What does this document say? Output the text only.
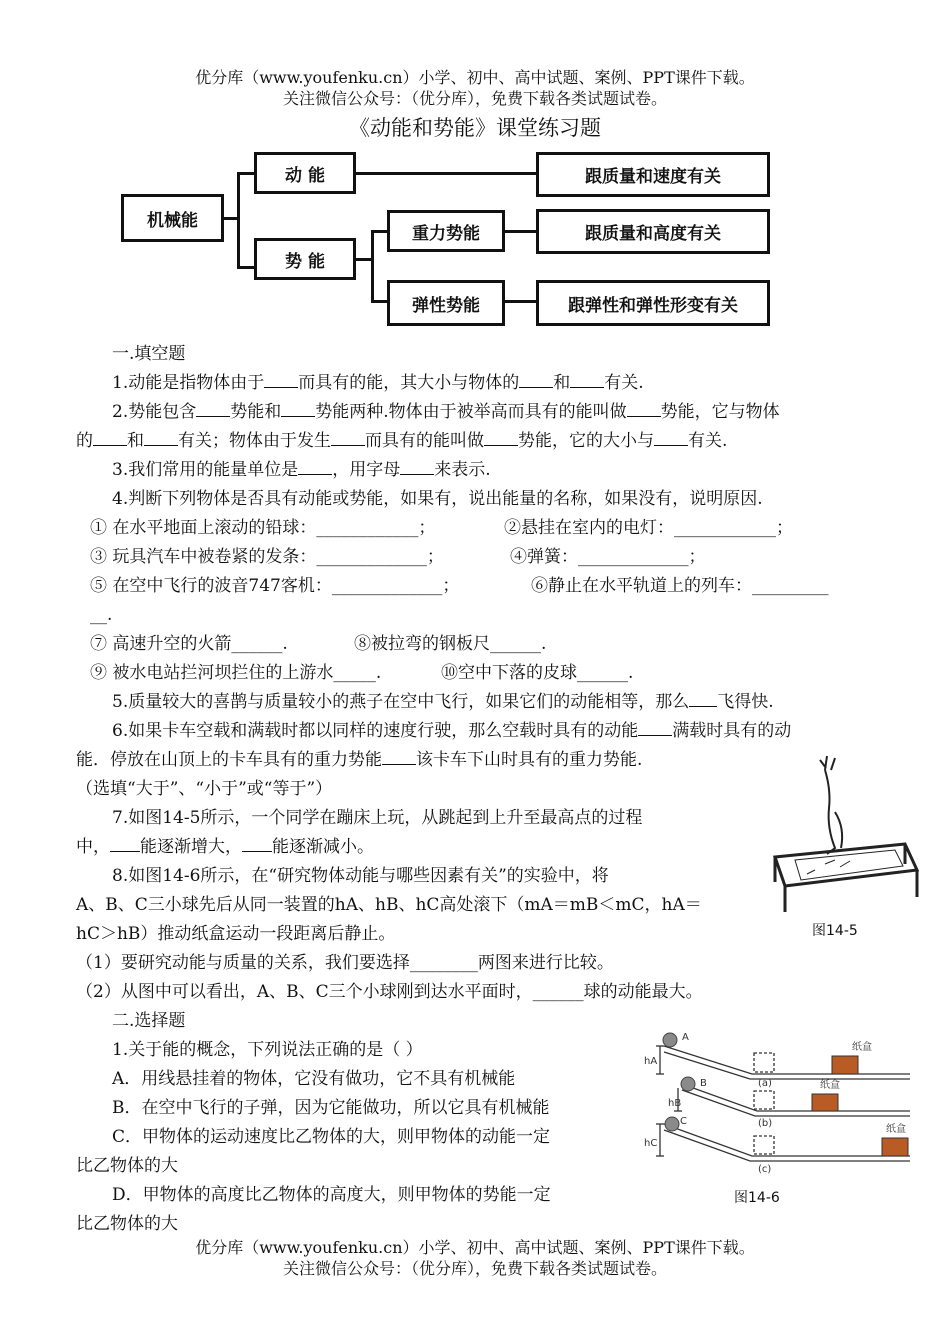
优分库（www.youfenku.cn）小学、初中、高中试题、案例、PPT课件下载。
关注微信公众号：（优分库），免费下载各类试题试卷。
《动能和势能》课堂练习题
机械能
动 能
势 能
重力势能
弹性势能
跟质量和速度有关
跟质量和高度有关
跟弹性和弹性形变有关
一.填空题
1.动能是指物体由于 而具有的能，其大小与物体的 和 有关.
2.势能包含 势能和 势能两种.物体由于被举高而具有的能叫做 势能，它与物体
的 和 有关；物体由于发生 而具有的能叫做 势能，它的大小与 有关.
3.我们常用的能量单位是 ，用字母 来表示.
4.判断下列物体是否具有动能或势能，如果有，说出能量的名称，如果没有，说明原因.
① 在水平地面上滚动的铅球：____________；	②悬挂在室内的电灯：____________；
③ 玩具汽车中被卷紧的发条：_____________；	④弹簧：_____________；
⑤ 在空中飞行的波音747客机：_____________；	⑥静止在水平轨道上的列车：_________
__.
⑦ 高速升空的火箭______.	⑧被拉弯的钢板尺______.
⑨ 被水电站拦河坝拦住的上游水_____.	⑩空中下落的皮球______.
5.质量较大的喜鹊与质量较小的燕子在空中飞行，如果它们的动能相等，那么 飞得快.
6.如果卡车空载和满载时都以同样的速度行驶，那么空载时具有的动能 满载时具有的动
能．停放在山顶上的卡车具有的重力势能 该卡车下山时具有的重力势能.
（选填“大于”、“小于”或“等于”）
7.如图14-5所示，一个同学在蹦床上玩，从跳起到上升至最高点的过程
中， 能逐渐增大， 能逐渐减小。
8.如图14-6所示，在“研究物体动能与哪些因素有关”的实验中，将
A、B、C三小球先后从同一装置的hA、hB、hC高处滚下（mA＝mB＜mC，hA＝
hC＞hB）推动纸盒运动一段距离后静止。
（1）要研究动能与质量的关系，我们要选择________两图来进行比较。
（2）从图中可以看出，A、B、C三个小球刚到达水平面时，______球的动能最大。
二.选择题
1.关于能的概念，下列说法正确的是（ ）
A．用线悬挂着的物体，它没有做功，它不具有机械能
B．在空中飞行的子弹，因为它能做功，所以它具有机械能
C．甲物体的运动速度比乙物体的大，则甲物体的动能一定
比乙物体的大
D．甲物体的高度比乙物体的高度大，则甲物体的势能一定
比乙物体的大
图14-5
A
B
C
hA
hB
hC
(a)
(b)
(c)
纸盒
纸盒
纸盒
图14-6
优分库（www.youfenku.cn）小学、初中、高中试题、案例、PPT课件下载。
关注微信公众号：（优分库），免费下载各类试题试卷。
